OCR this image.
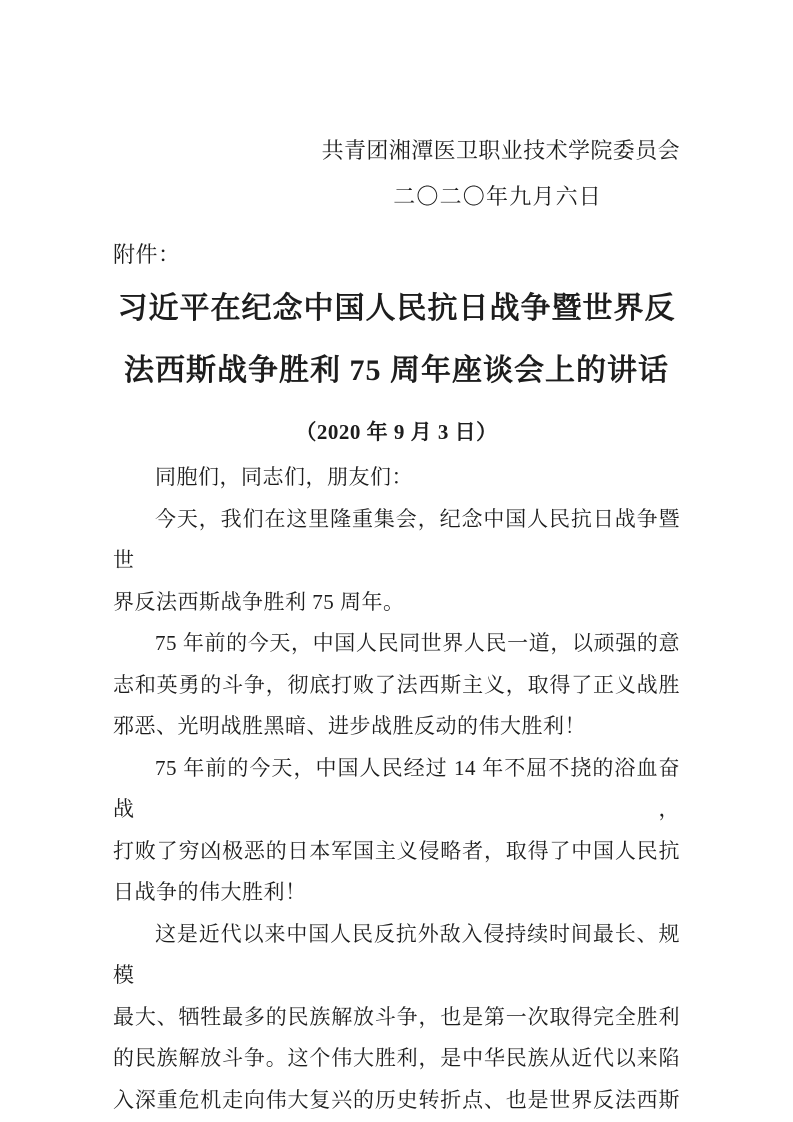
共青团湘潭医卫职业技术学院委员会
二〇二〇年九月六日
附件：
习近平在纪念中国人民抗日战争暨世界反
法西斯战争胜利 75 周年座谈会上的讲话
（2020 年 9 月 3 日）
同胞们，同志们，朋友们：
今天，我们在这里隆重集会，纪念中国人民抗日战争暨世
界反法西斯战争胜利 75 周年。
75 年前的今天，中国人民同世界人民一道，以顽强的意
志和英勇的斗争，彻底打败了法西斯主义，取得了正义战胜
邪恶、光明战胜黑暗、进步战胜反动的伟大胜利！
75 年前的今天，中国人民经过 14 年不屈不挠的浴血奋战，
打败了穷凶极恶的日本军国主义侵略者，取得了中国人民抗
日战争的伟大胜利！
这是近代以来中国人民反抗外敌入侵持续时间最长、规模
最大、牺牲最多的民族解放斗争，也是第一次取得完全胜利
的民族解放斗争。这个伟大胜利，是中华民族从近代以来陷
入深重危机走向伟大复兴的历史转折点、也是世界反法西斯
